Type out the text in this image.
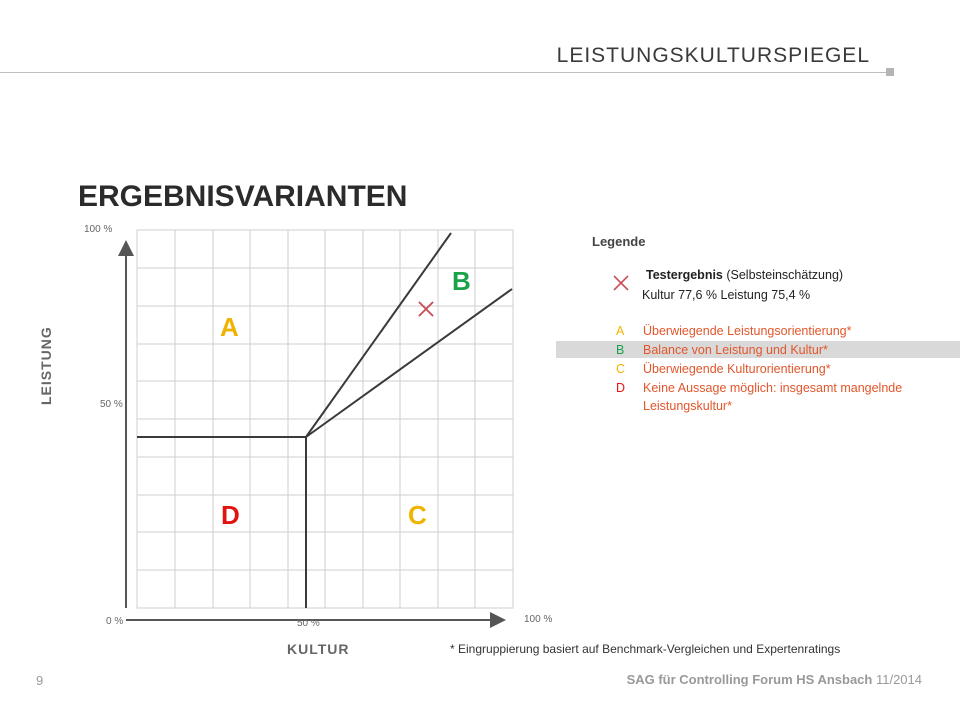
LEISTUNGSKULTURSPIEGEL
ERGEBNISVARIANTEN
100 %
50 %
0 %	50 %	100 %
LEISTUNG
KULTUR
A
B
C
D
Legende
Testergebnis (Selbsteinschätzung)
Kultur 77,6 % Leistung 75,4 %
A Überwiegende Leistungsorientierung*
B Balance von Leistung und Kultur*
C Überwiegende Kulturorientierung*
D Keine Aussage möglich: insgesamt mangelnde
Leistungskultur*
* Eingruppierung basiert auf Benchmark-Vergleichen und Expertenratings
9	SAG für Controlling Forum HS Ansbach 11/2014
